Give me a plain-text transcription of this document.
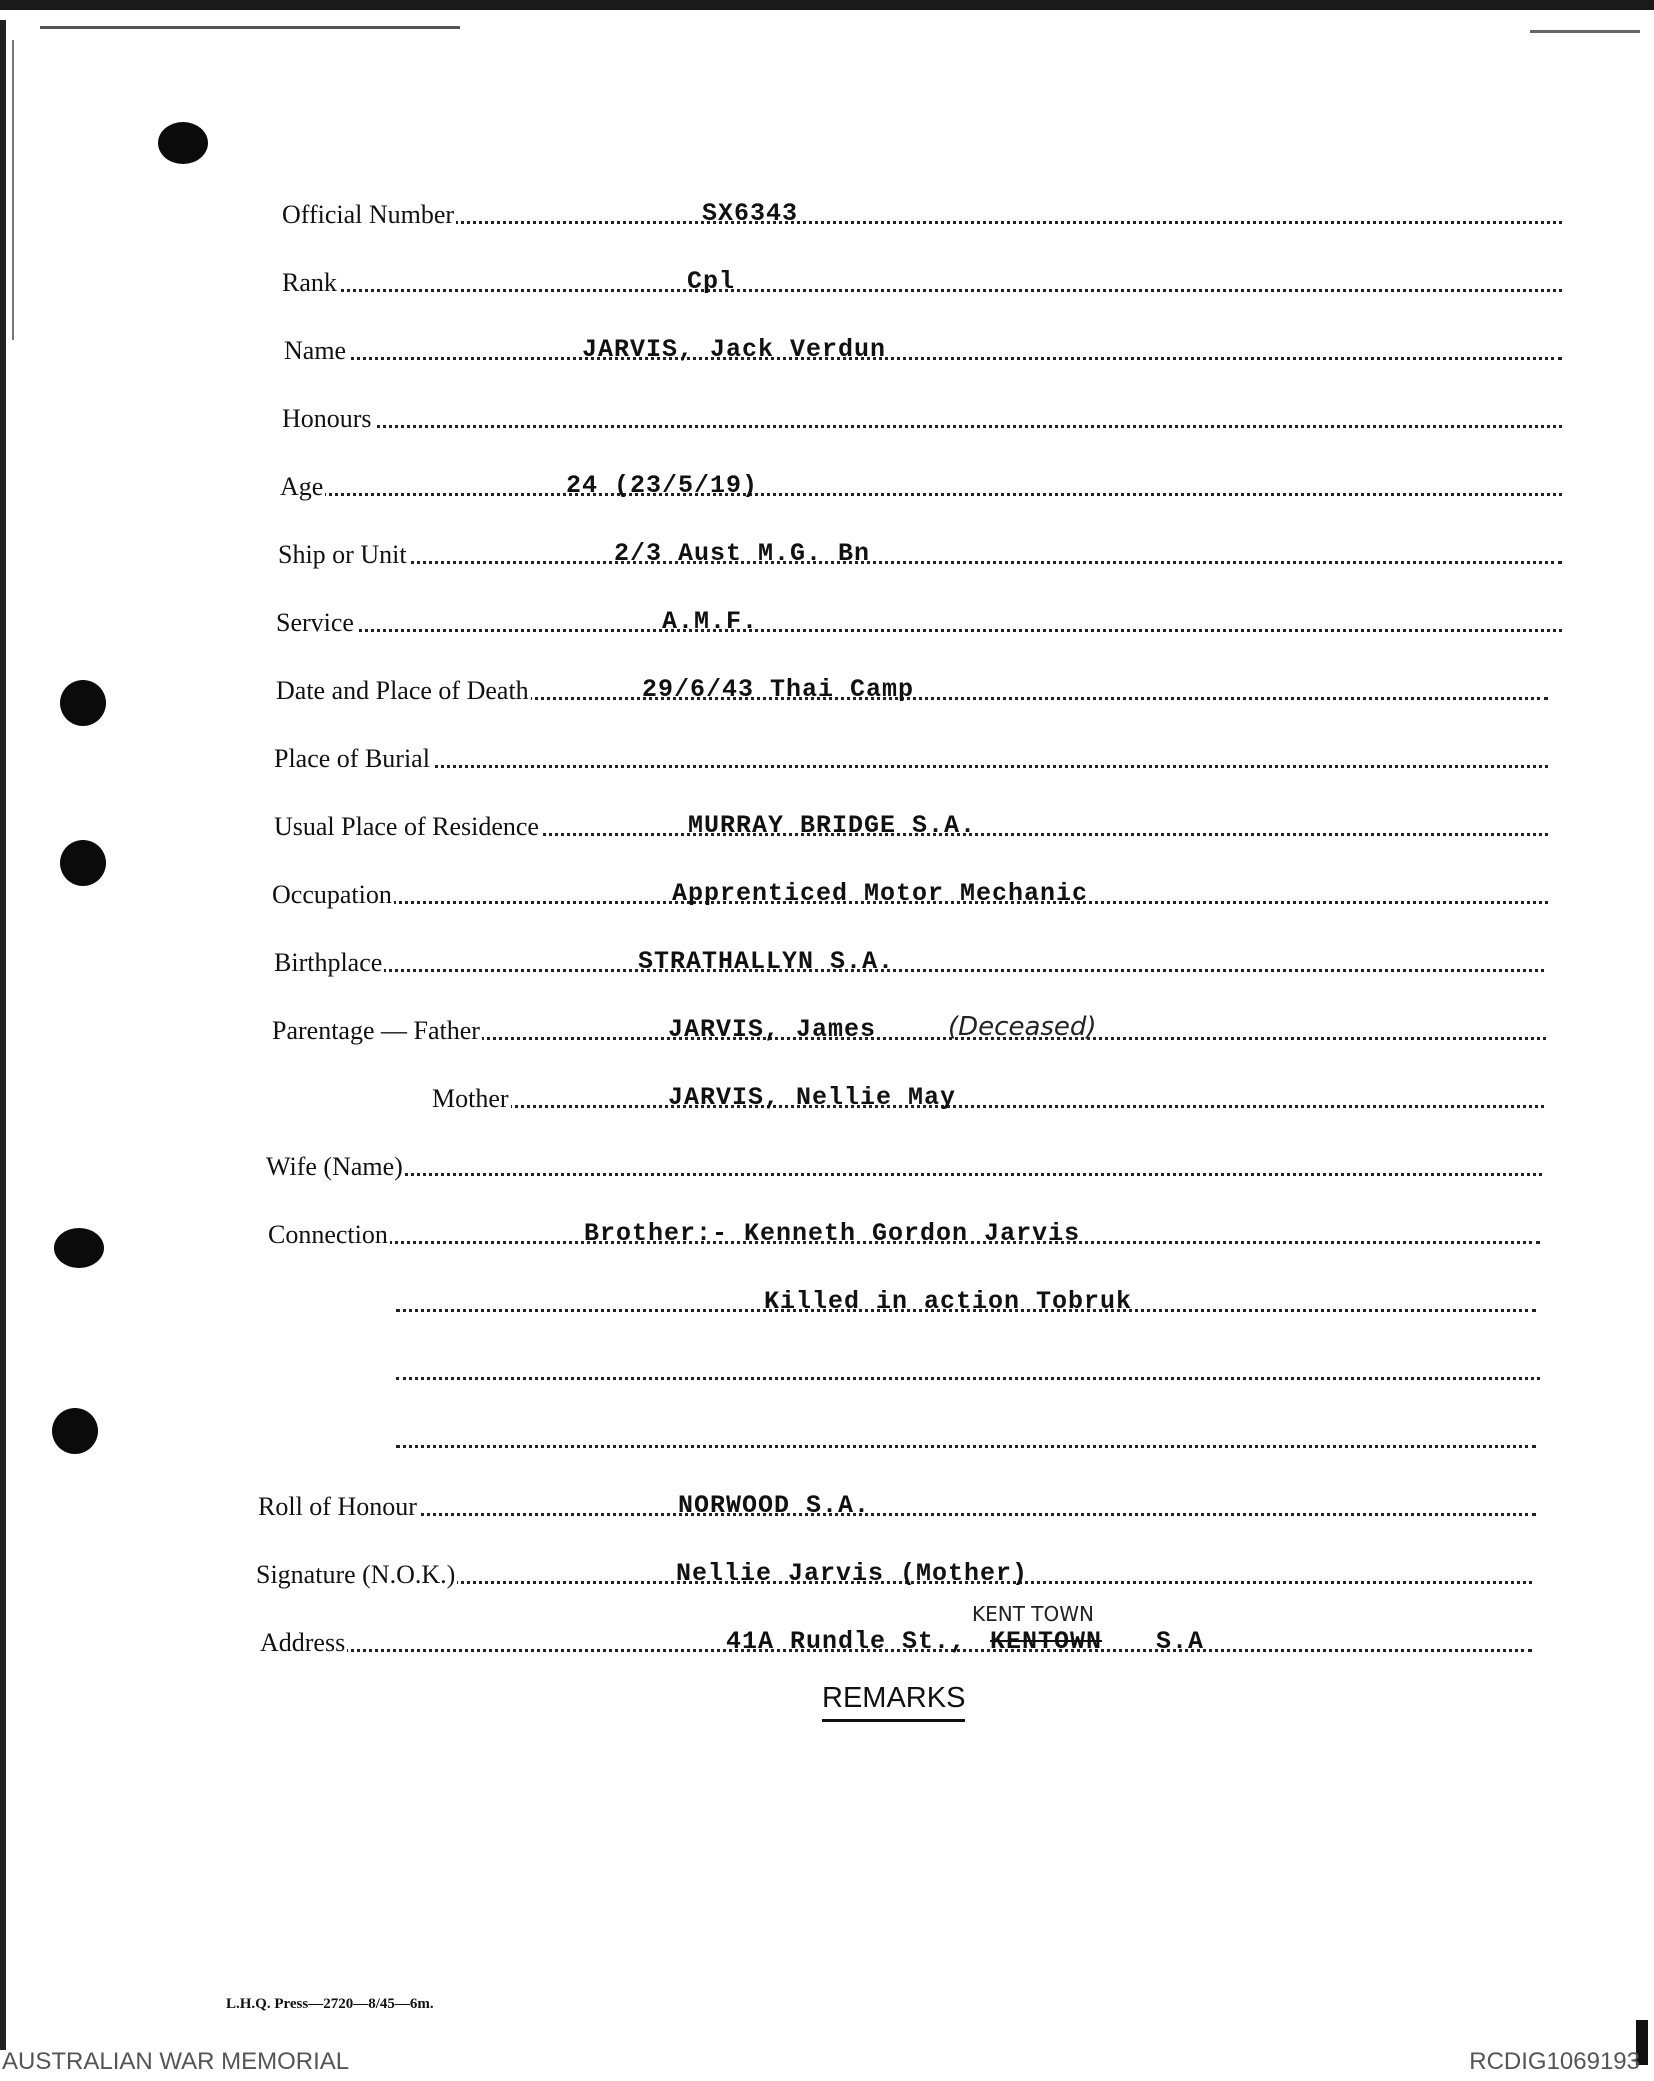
Official Number	SX6343
Rank	Cpl
Name	JARVIS, Jack Verdun
Honours
Age	24 (23/5/19)
Ship or Unit	2/3 Aust M.G. Bn
Service	A.M.F.
Date and Place of Death	29/6/43 Thai Camp
Place of Burial
Usual Place of Residence	MURRAY BRIDGE S.A.
Occupation	Apprenticed Motor Mechanic
Birthplace	STRATHALLYN S.A.
Parentage — Father	JARVIS, James	(Deceased)
Mother	JARVIS, Nellie May
Wife (Name)
Connection	Brother:- Kenneth Gordon Jarvis
Killed in action Tobruk
Roll of Honour	NORWOOD S.A.
Signature (N.O.K.)	Nellie Jarvis (Mother)
Address	41A Rundle St., KENTOWN S.A
KENT TOWN
REMARKS
L.H.Q. Press—2720—8/45—6m.
AUSTRALIAN WAR MEMORIAL	RCDIG1069193
